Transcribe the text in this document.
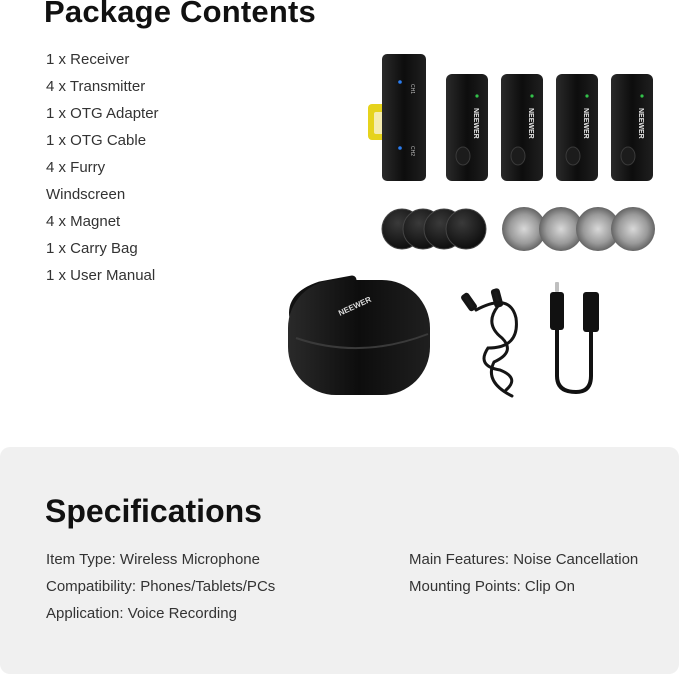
Package Contents
1 x Receiver
4 x Transmitter
1 x OTG Adapter
1 x OTG Cable
4 x Furry
Windscreen
4 x Magnet
1 x Carry Bag
1 x User Manual
CH1
CH2
NEEWER	NEEWER	NEEWER	NEEWER
NEEWER
Specifications
Item Type: Wireless Microphone
Compatibility: Phones/Tablets/PCs
Application: Voice Recording
Main Features: Noise Cancellation
Mounting Points: Clip On
